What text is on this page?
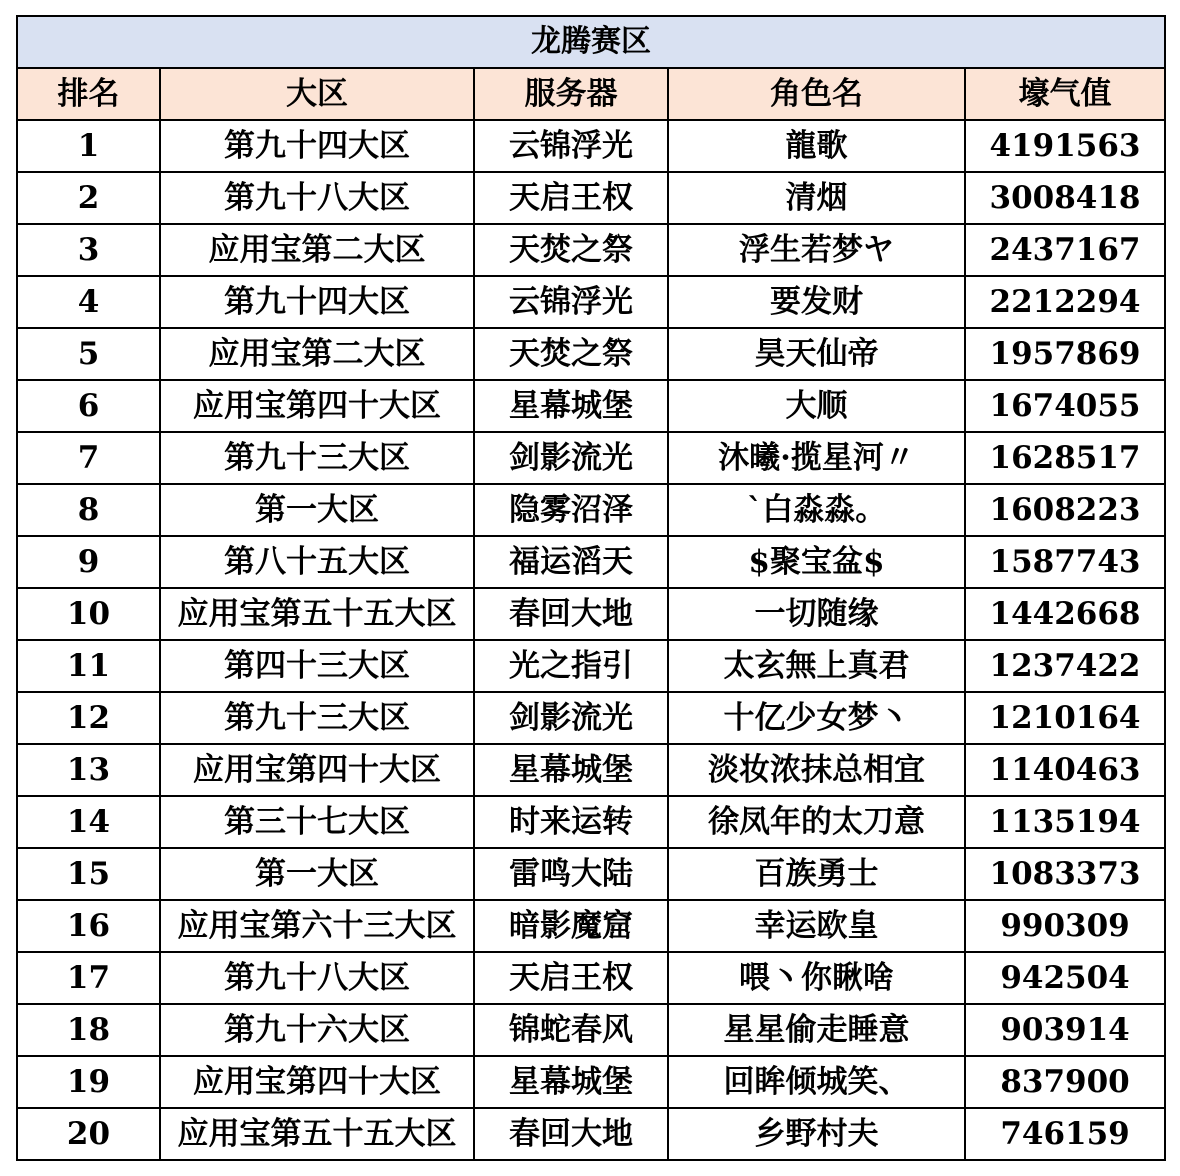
龙腾赛区				
排名	大区	服务器	角色名	壕气值
1	第九十四大区	云锦浮光	龍歌	4191563
2	第九十八大区	天启王权	清烟	3008418
3	应用宝第二大区	天焚之祭	浮生若梦ヤ	2437167
4	第九十四大区	云锦浮光	要发财	2212294
5	应用宝第二大区	天焚之祭	昊天仙帝	1957869
6	应用宝第四十大区	星幕城堡	大顺	1674055
7	第九十三大区	剑影流光	沐曦·揽星河〃	1628517
8	第一大区	隐雾沼泽	ˋ白淼淼。	1608223
9	第八十五大区	福运滔天	$聚宝盆$	1587743
10	应用宝第五十五大区	春回大地	一切随缘	1442668
11	第四十三大区	光之指引	太玄無上真君	1237422
12	第九十三大区	剑影流光	十亿少女梦丶	1210164
13	应用宝第四十大区	星幕城堡	淡妆浓抹总相宜	1140463
14	第三十七大区	时来运转	徐凤年的太刀意	1135194
15	第一大区	雷鸣大陆	百族勇士	1083373
16	应用宝第六十三大区	暗影魔窟	幸运欧皇	990309
17	第九十八大区	天启王权	喂丶你瞅啥	942504
18	第九十六大区	锦蛇春风	星星偷走睡意	903914
19	应用宝第四十大区	星幕城堡	回眸倾城笑、	837900
20	应用宝第五十五大区	春回大地	乡野村夫	746159
